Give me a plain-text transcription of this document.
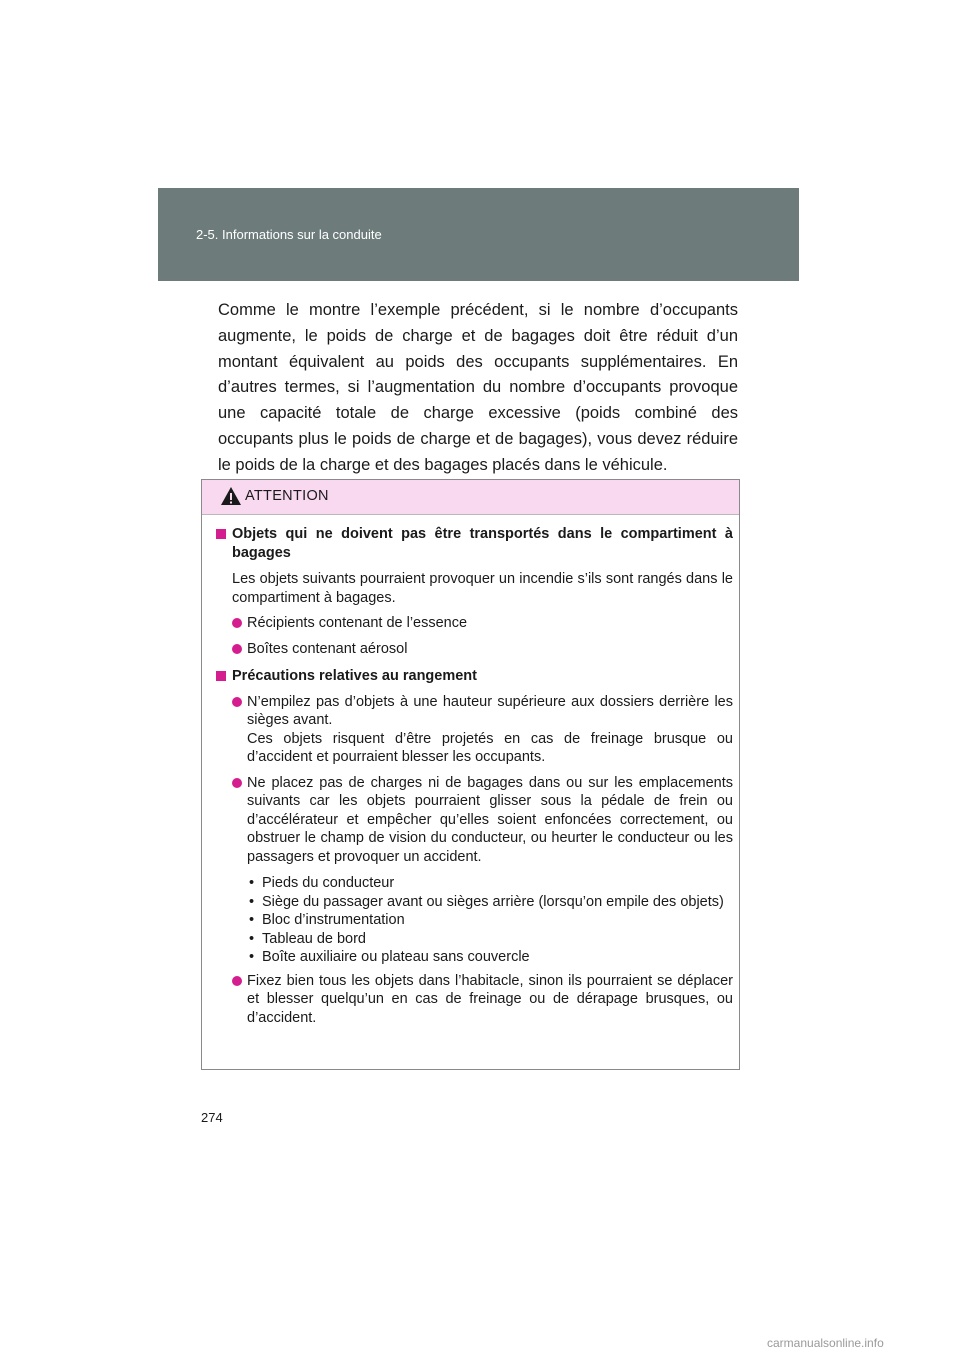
2-5. Informations sur la conduite

Comme le montre l’exemple précédent, si le nombre d’occupants augmente, le poids de charge et de bagages doit être réduit d’un montant équivalent au poids des occupants supplémentaires. En d’autres termes, si l’augmentation du nombre d’occupants provoque une capacité totale de charge excessive (poids combiné des occupants plus le poids de charge et de bagages), vous devez réduire le poids de la charge et des bagages placés dans le véhicule.

ATTENTION
Objets qui ne doivent pas être transportés dans le compartiment à bagages
Les objets suivants pourraient provoquer un incendie s’ils sont rangés dans le compartiment à bagages.
Récipients contenant de l’essence
Boîtes contenant aérosol
Précautions relatives au rangement
N’empilez pas d’objets à une hauteur supérieure aux dossiers derrière les sièges avant.
Ces objets risquent d’être projetés en cas de freinage brusque ou d’accident et pourraient blesser les occupants.
Ne placez pas de charges ni de bagages dans ou sur les emplacements suivants car les objets pourraient glisser sous la pédale de frein ou d’accélérateur et empêcher qu’elles soient enfoncées correctement, ou obstruer le champ de vision du conducteur, ou heurter le conducteur ou les passagers et provoquer un accident.
• Pieds du conducteur
• Siège du passager avant ou sièges arrière (lorsqu’on empile des objets)
• Bloc d’instrumentation
• Tableau de bord
• Boîte auxiliaire ou plateau sans couvercle
Fixez bien tous les objets dans l’habitacle, sinon ils pourraient se déplacer et blesser quelqu’un en cas de freinage ou de dérapage brusques, ou d’accident.
274
carmanualsonline.info
